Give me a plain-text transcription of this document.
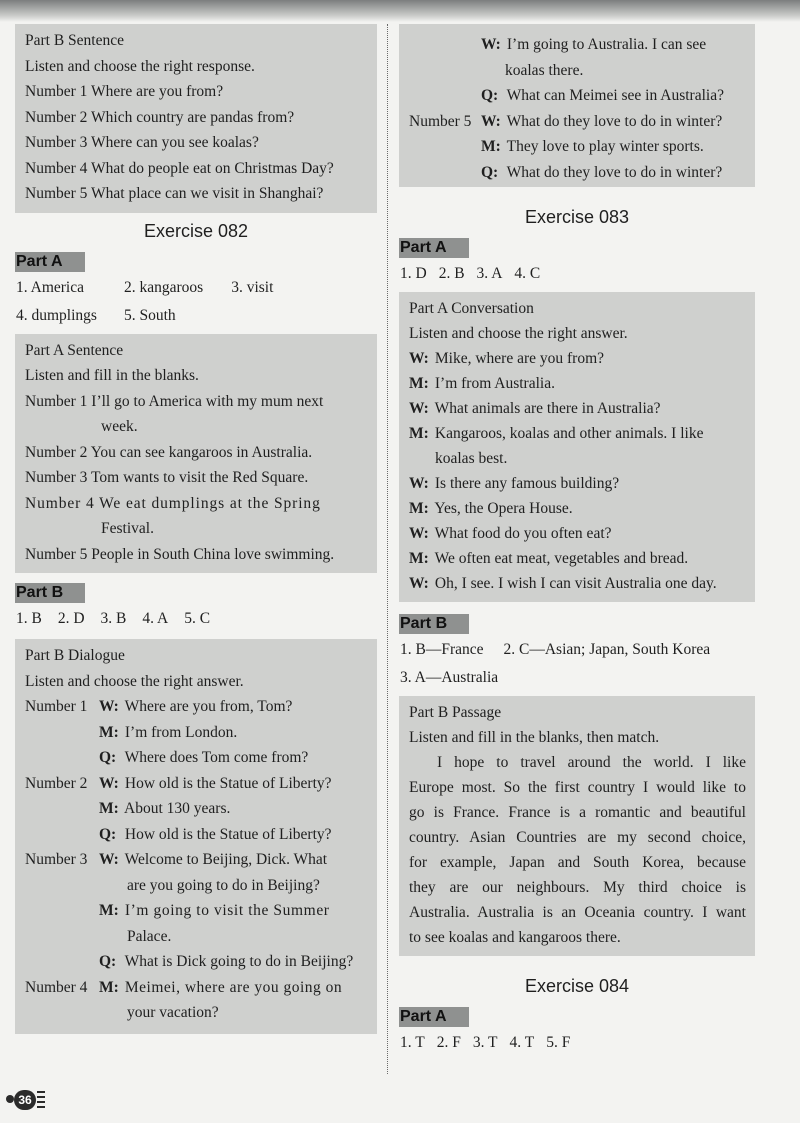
Part B Sentence
Listen and choose the right response.
Number 1 Where are you from?
Number 2 Which country are pandas from?
Number 3 Where can you see koalas?
Number 4 What do people eat on Christmas Day?
Number 5 What place can we visit in Shanghai?
Exercise 082
Part A
1. America	2. kangaroos 3. visit
4. dumplings 5. South
Part A Sentence
Listen and fill in the blanks.
Number 1 I’ll go to America with my mum next
week.
Number 2 You can see kangaroos in Australia.
Number 3 Tom wants to visit the Red Square.
Number 4 We eat dumplings at the Spring
Festival.
Number 5 People in South China love swimming.
Part B
1. B 2. D 3. B 4. A 5. C
Part B Dialogue
Listen and choose the right answer.
Number 1 W: Where are you from, Tom?
M: I’m from London.
Q: Where does Tom come from?
Number 2 W: How old is the Statue of Liberty?
M: About 130 years.
Q: How old is the Statue of Liberty?
Number 3 W: Welcome to Beijing, Dick. What
are you going to do in Beijing?
M: I’m going to visit the Summer
Palace.
Q: What is Dick going to do in Beijing?
Number 4 M: Meimei, where are you going on
your vacation?
W: I’m going to Australia. I can see
koalas there.
Q: What can Meimei see in Australia?
Number 5 W: What do they love to do in winter?
M: They love to play winter sports.
Q: What do they love to do in winter?
Exercise 083
Part A
1. D 2. B 3. A 4. C
Part A Conversation
Listen and choose the right answer.
W: Mike, where are you from?
M: I’m from Australia.
W: What animals are there in Australia?
M: Kangaroos, koalas and other animals. I like
koalas best.
W: Is there any famous building?
M: Yes, the Opera House.
W: What food do you often eat?
M: We often eat meat, vegetables and bread.
W: Oh, I see. I wish I can visit Australia one day.
Part B
1. B—France 2. C—Asian; Japan, South Korea
3. A—Australia
Part B Passage
Listen and fill in the blanks, then match.
I hope to travel around the world. I like
Europe most. So the first country I would like to
go is France. France is a romantic and beautiful
country. Asian Countries are my second choice,
for example, Japan and South Korea, because
they are our neighbours. My third choice is
Australia. Australia is an Oceania country. I want
to see koalas and kangaroos there.
Exercise 084
Part A
1. T 2. F 3. T 4. T 5. F
36
